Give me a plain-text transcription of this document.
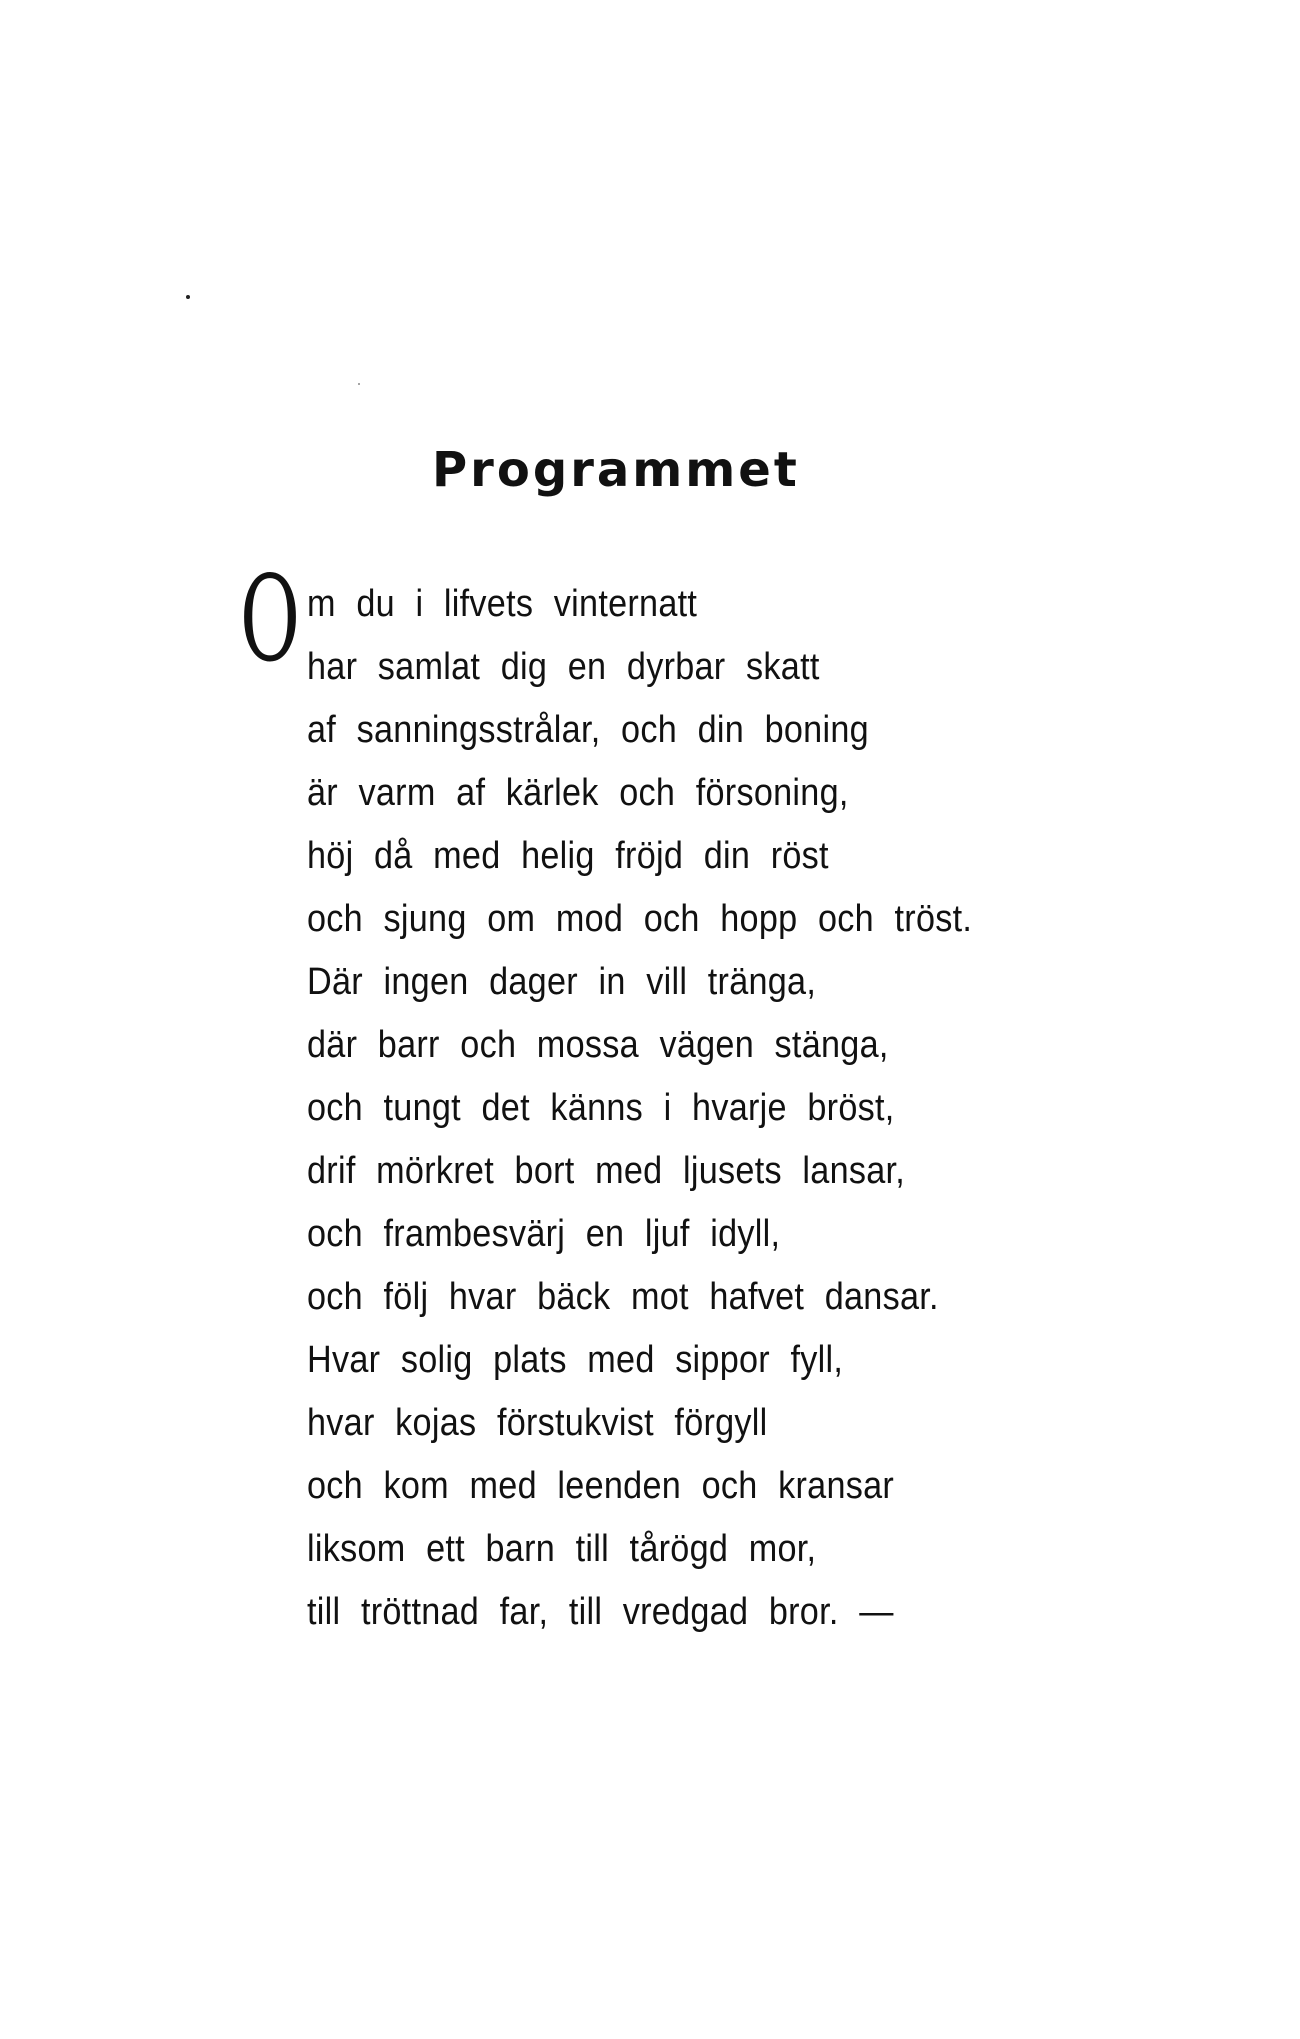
Programmet
O m du i lifvets vinternatt
har samlat dig en dyrbar skatt
af sanningsstrålar, och din boning
är varm af kärlek och försoning,
höj då med helig fröjd din röst
och sjung om mod och hopp och tröst.
Där ingen dager in vill tränga,
där barr och mossa vägen stänga,
och tungt det känns i hvarje bröst,
drif mörkret bort med ljusets lansar,
och frambesvärj en ljuf idyll,
och följ hvar bäck mot hafvet dansar.
Hvar solig plats med sippor fyll,
hvar kojas förstukvist förgyll
och kom med leenden och kransar
liksom ett barn till tårögd mor,
till tröttnad far, till vredgad bror. —
